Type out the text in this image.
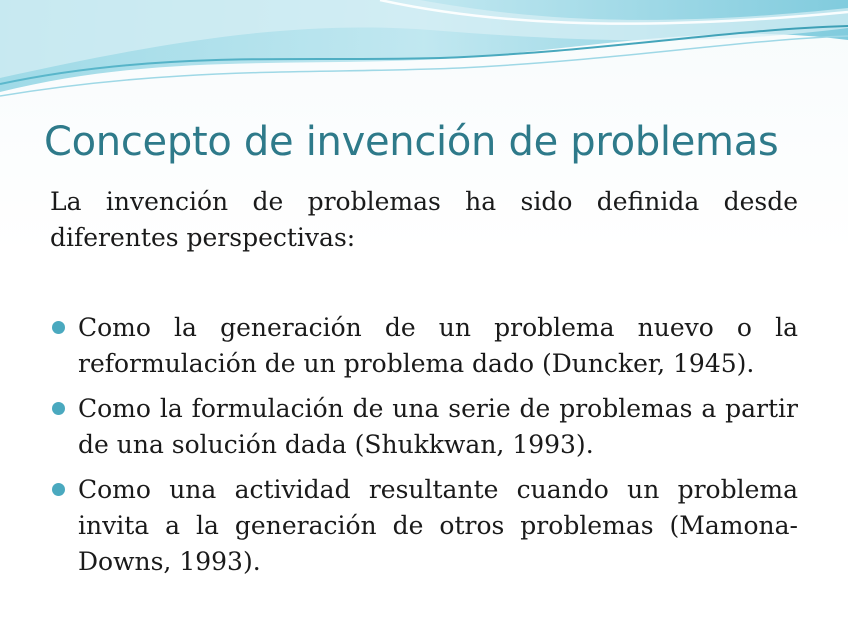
Concepto de invención de problemas

La invención de problemas ha sido definida desde diferentes perspectivas:

Como la generación de un problema nuevo o la reformulación de un problema dado (Duncker, 1945).
Como la formulación de una serie de problemas a partir de una solución dada (Shukkwan, 1993).
Como una actividad resultante cuando un problema invita a la generación de otros problemas (Mamona-Downs, 1993).
